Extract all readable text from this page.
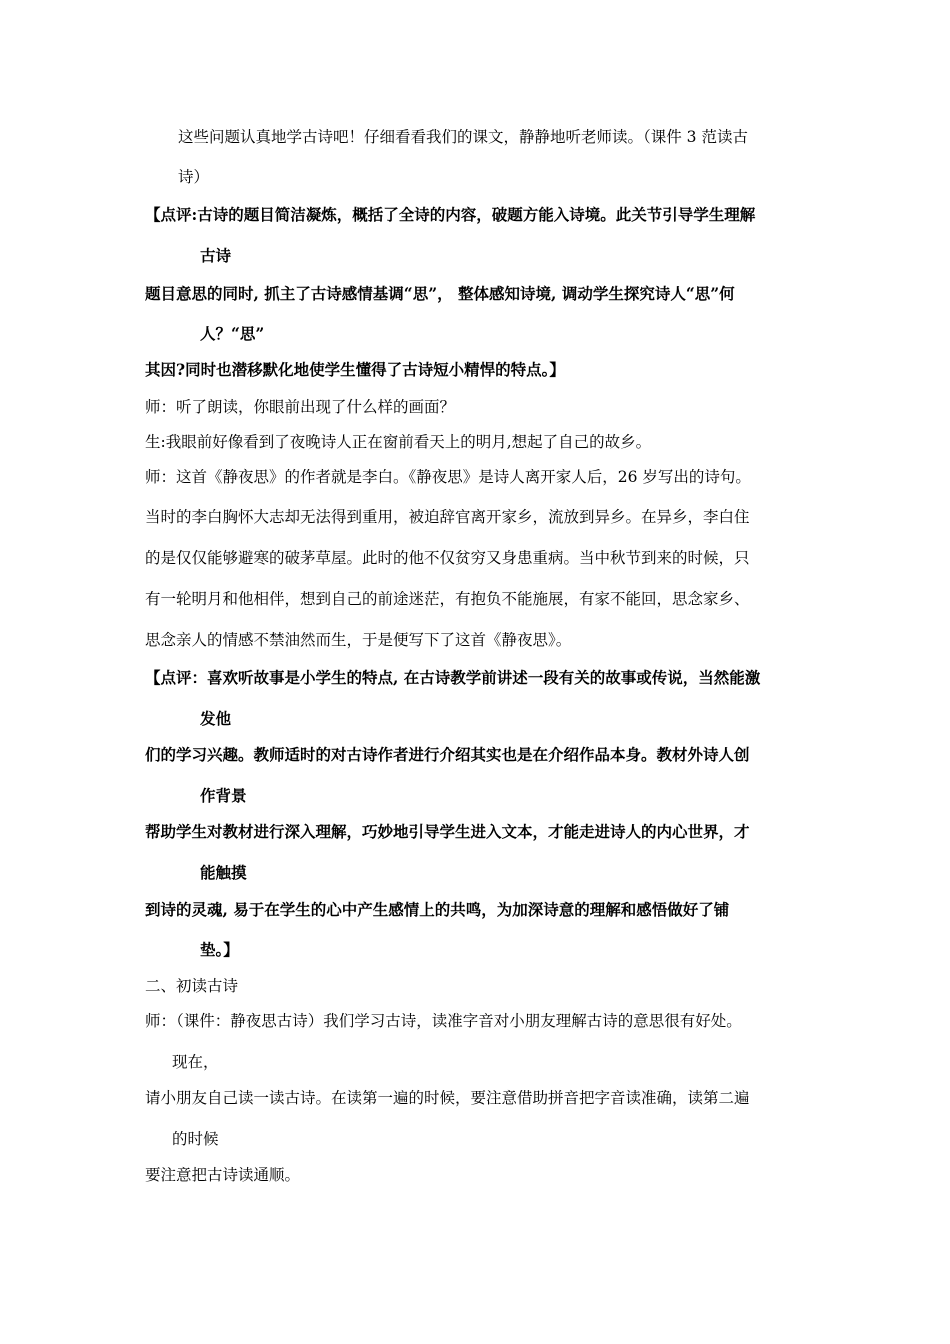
这些问题认真地学古诗吧！仔细看看我们的课文，静静地听老师读。（课件 3 范读古
诗）
【点评:古诗的题目简洁凝炼，概括了全诗的内容，破题方能入诗境。此关节引导学生理解
古诗
题目意思的同时, 抓主了古诗感情基调“思”， 整体感知诗境, 调动学生探究诗人“思”何
人？“思”
其因?同时也潜移默化地使学生懂得了古诗短小精悍的特点。】
师：听了朗读，你眼前出现了什么样的画面？
生:我眼前好像看到了夜晚诗人正在窗前看天上的明月,想起了自己的故乡。
师：这首《静夜思》的作者就是李白。《静夜思》是诗人离开家人后，26 岁写出的诗句。
当时的李白胸怀大志却无法得到重用，被迫辞官离开家乡，流放到异乡。在异乡，李白住
的是仅仅能够避寒的破茅草屋。此时的他不仅贫穷又身患重病。当中秋节到来的时候，只
有一轮明月和他相伴，想到自己的前途迷茫，有抱负不能施展，有家不能回，思念家乡、
思念亲人的情感不禁油然而生，于是便写下了这首《静夜思》。
【点评：喜欢听故事是小学生的特点, 在古诗教学前讲述一段有关的故事或传说，当然能激
发他
们的学习兴趣。教师适时的对古诗作者进行介绍其实也是在介绍作品本身。教材外诗人创
作背景
帮助学生对教材进行深入理解，巧妙地引导学生进入文本，才能走进诗人的内心世界，才
能触摸
到诗的灵魂, 易于在学生的心中产生感情上的共鸣，为加深诗意的理解和感悟做好了铺
垫。】
二、初读古诗
师：（课件：静夜思古诗）我们学习古诗，读准字音对小朋友理解古诗的意思很有好处。
现在，
请小朋友自己读一读古诗。在读第一遍的时候，要注意借助拼音把字音读准确，读第二遍
的时候
要注意把古诗读通顺。
